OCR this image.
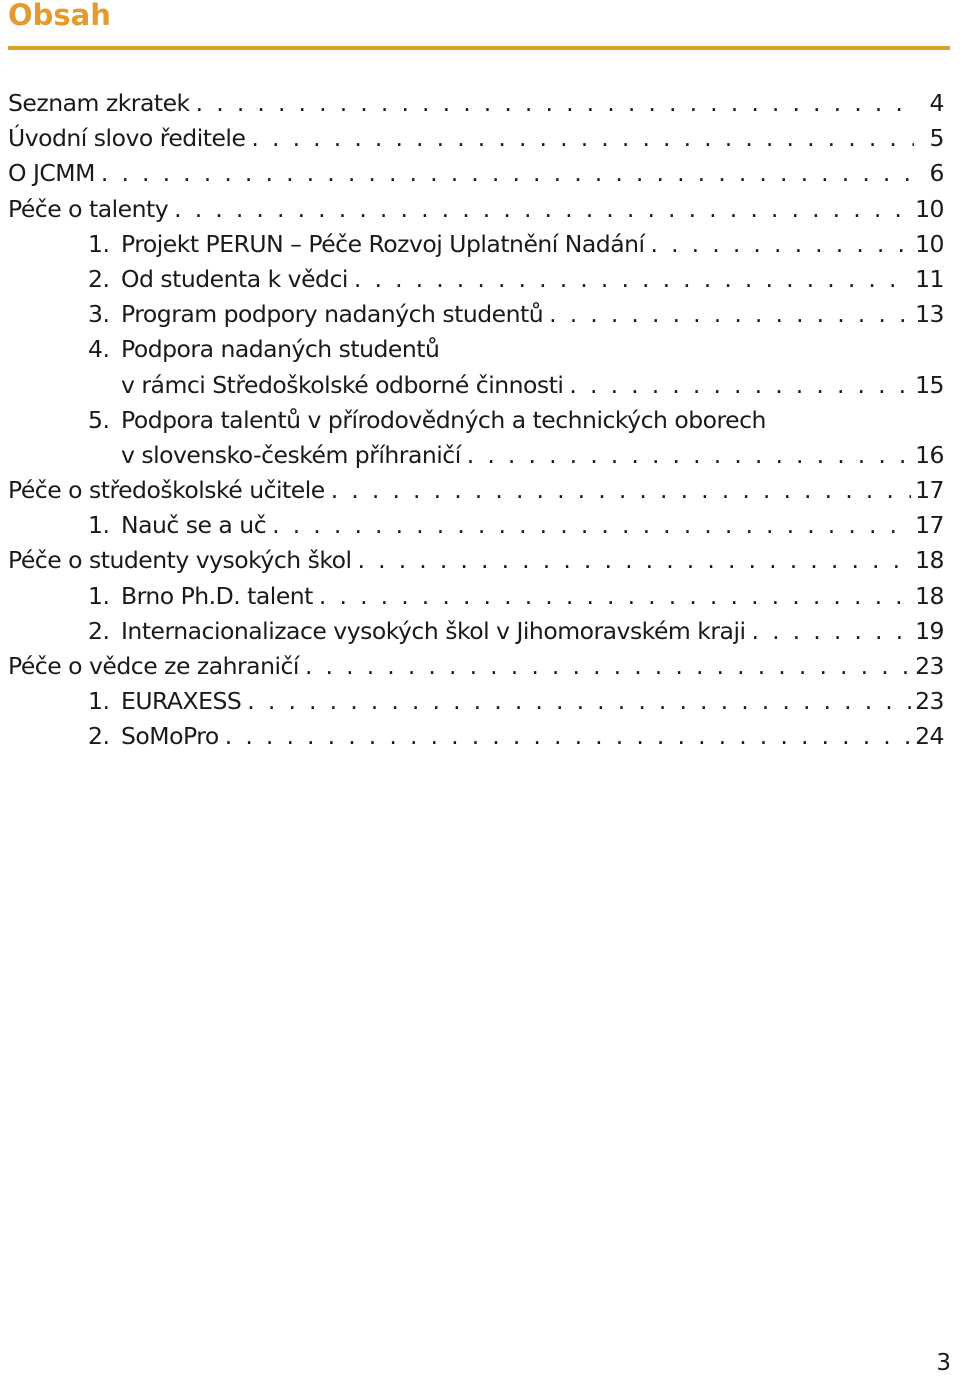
Obsah
Seznam zkratek . . .	4
Úvodní slovo ředitele . . .	5
O JCMM . . .	6
Péče o talenty . . .	10
1. Projekt PERUN – Péče Rozvoj Uplatnění Nadání . . .	10
2. Od studenta k vědci . . .	11
3. Program podpory nadaných studentů . . .	13
4. Podpora nadaných studentů
v rámci Středoškolské odborné činnosti . . .	15
5. Podpora talentů v přírodovědných a technických oborech
v slovensko-českém příhraničí . . .	16
Péče o středoškolské učitele . . .	17
1. Nauč se a uč . . .	17
Péče o studenty vysokých škol . . .	18
1. Brno Ph.D. talent . . .	18
2. Internacionalizace vysokých škol v Jihomoravském kraji . . .	19
Péče o vědce ze zahraničí . . .	23
1. EURAXESS . . .	23
2. SoMoPro . . .	24
3
